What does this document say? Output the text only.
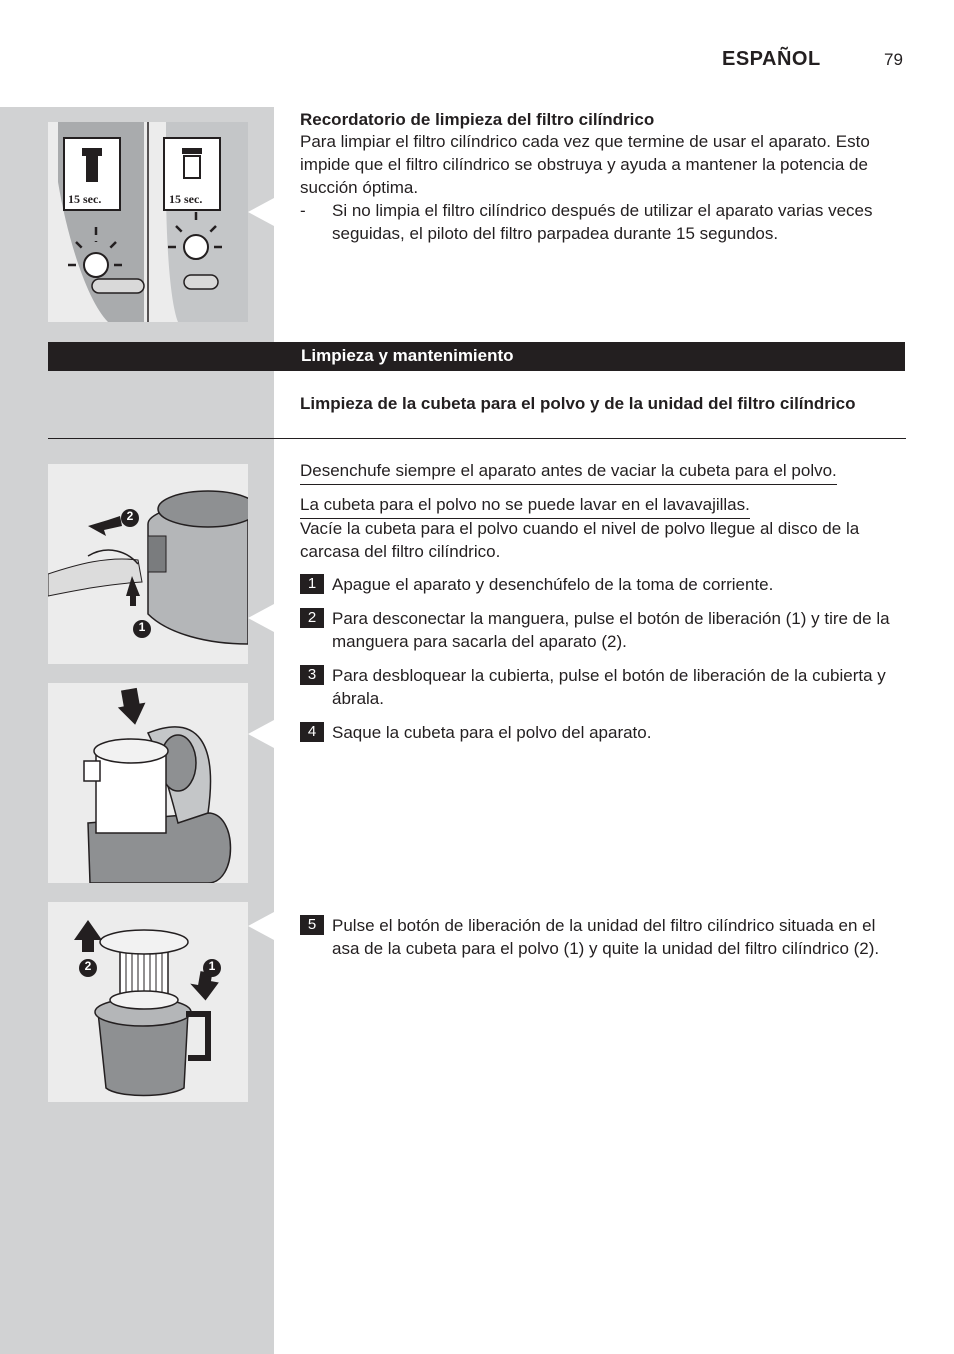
ESPAÑOL	79
15 sec.	15 sec.
Recordatorio de limpieza del filtro cilíndrico
Para limpiar el filtro cilíndrico cada vez que termine de usar el aparato. Esto impide que el filtro cilíndrico se obstruya y ayuda a mantener la potencia de succión óptima.
- Si no limpia el filtro cilíndrico después de utilizar el aparato varias veces seguidas, el piloto del filtro parpadea durante 15 segundos.
Limpieza y mantenimiento
Limpieza de la cubeta para el polvo y de la unidad del filtro cilíndrico
2
1
Desenchufe siempre el aparato antes de vaciar la cubeta para el polvo.
La cubeta para el polvo no se puede lavar en el lavavajillas.
Vacíe la cubeta para el polvo cuando el nivel de polvo llegue al disco de la carcasa del filtro cilíndrico.
1 Apague el aparato y desenchúfelo de la toma de corriente.
2 Para desconectar la manguera, pulse el botón de liberación (1) y tire de la manguera para sacarla del aparato (2).
3 Para desbloquear la cubierta, pulse el botón de liberación de la cubierta y ábrala.
4 Saque la cubeta para el polvo del aparato.
2	1
5 Pulse el botón de liberación de la unidad del filtro cilíndrico situada en el asa de la cubeta para el polvo (1) y quite la unidad del filtro cilíndrico (2).
